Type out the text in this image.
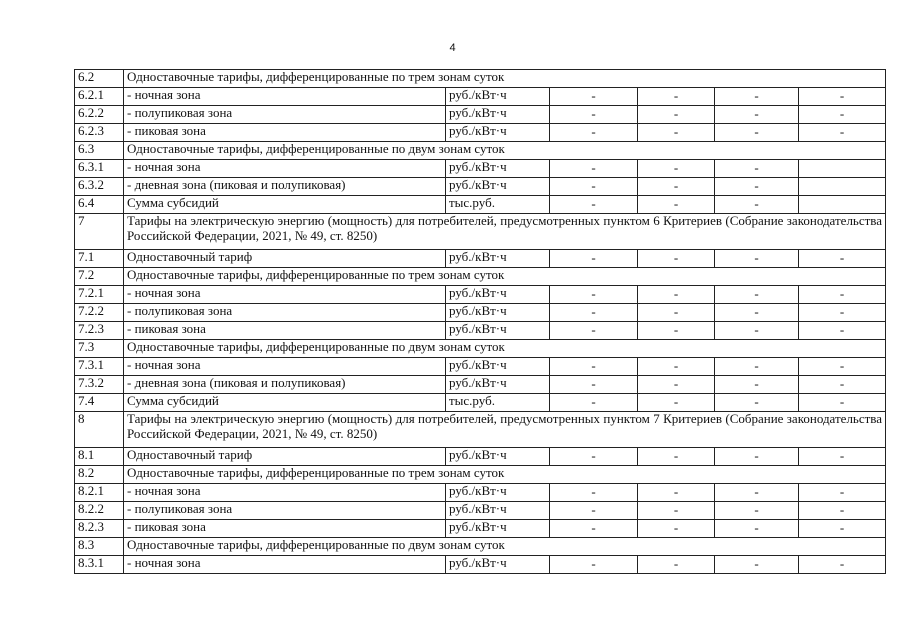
4
6.2	Одноставочные тарифы, дифференцированные по трем зонам суток					
6.2.1	- ночная зона	руб./кВт·ч	-	-	-	-
6.2.2	- полупиковая зона	руб./кВт·ч	-	-	-	-
6.2.3	- пиковая зона	руб./кВт·ч	-	-	-	-
6.3	Одноставочные тарифы, дифференцированные по двум зонам суток					
6.3.1	- ночная зона	руб./кВт·ч	-	-	-	
6.3.2	- дневная зона (пиковая и полупиковая)	руб./кВт·ч	-	-	-	
6.4	Сумма субсидий	тыс.руб.	-	-	-	
7	Тарифы на электрическую энергию (мощность) для потребителей, предусмотренных пунктом 6 Критериев (Собрание законодательства Российской Федерации, 2021, № 49, ст. 8250)					
7.1	Одноставочный тариф	руб./кВт·ч	-	-	-	-
7.2	Одноставочные тарифы, дифференцированные по трем зонам суток					
7.2.1	- ночная зона	руб./кВт·ч	-	-	-	-
7.2.2	- полупиковая зона	руб./кВт·ч	-	-	-	-
7.2.3	- пиковая зона	руб./кВт·ч	-	-	-	-
7.3	Одноставочные тарифы, дифференцированные по двум зонам суток					
7.3.1	- ночная зона	руб./кВт·ч	-	-	-	-
7.3.2	- дневная зона (пиковая и полупиковая)	руб./кВт·ч	-	-	-	-
7.4	Сумма субсидий	тыс.руб.	-	-	-	-
8	Тарифы на электрическую энергию (мощность) для потребителей, предусмотренных пунктом 7 Критериев (Собрание законодательства Российской Федерации, 2021, № 49, ст. 8250)					
8.1	Одноставочный тариф	руб./кВт·ч	-	-	-	-
8.2	Одноставочные тарифы, дифференцированные по трем зонам суток					
8.2.1	- ночная зона	руб./кВт·ч	-	-	-	-
8.2.2	- полупиковая зона	руб./кВт·ч	-	-	-	-
8.2.3	- пиковая зона	руб./кВт·ч	-	-	-	-
8.3	Одноставочные тарифы, дифференцированные по двум зонам суток					
8.3.1	- ночная зона	руб./кВт·ч	-	-	-	-
